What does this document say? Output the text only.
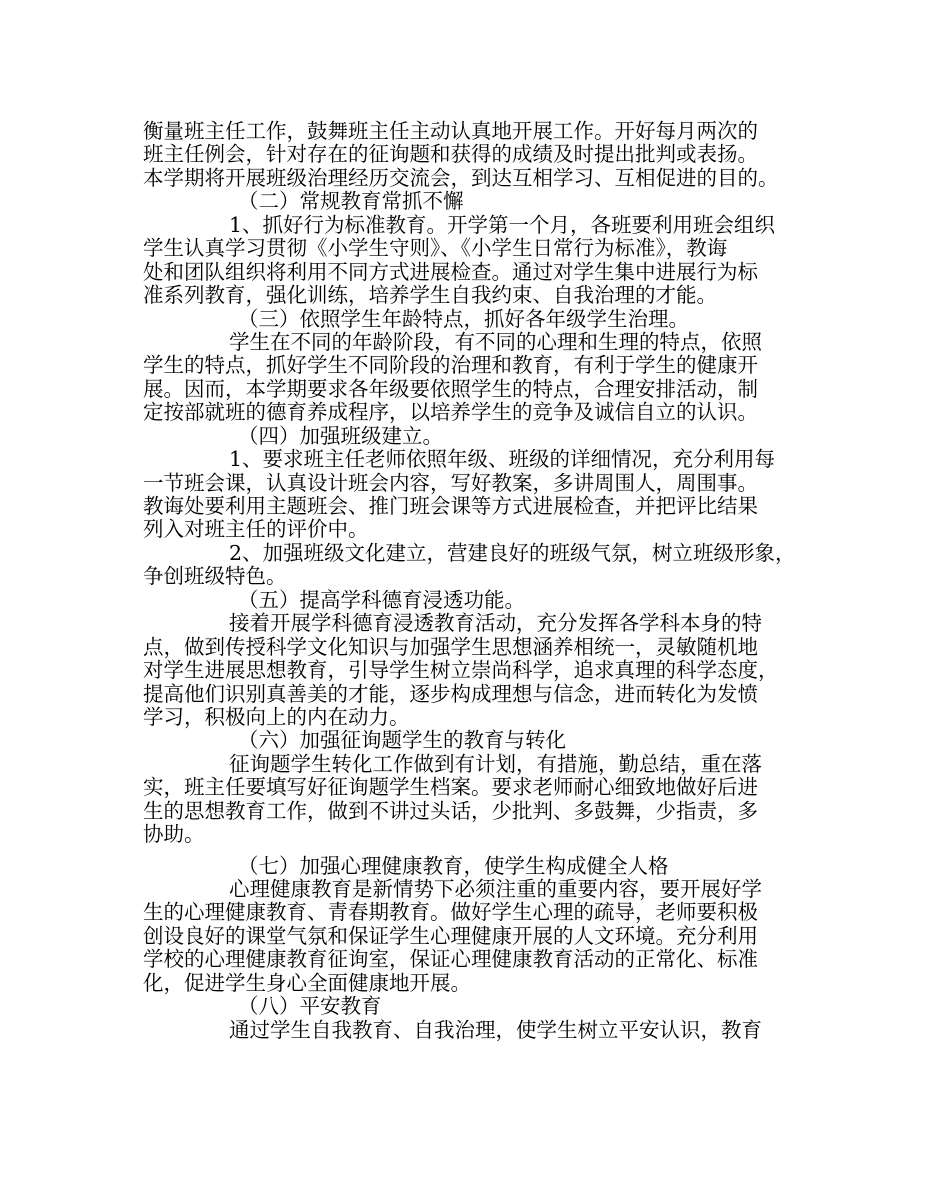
衡量班主任工作，鼓舞班主任主动认真地开展工作。开好每月两次的
班主任例会，针对存在的征询题和获得的成绩及时提出批判或表扬。
本学期将开展班级治理经历交流会，到达互相学习、互相促进的目的。
（二）常规教育常抓不懈
1、抓好行为标准教育。开学第一个月，各班要利用班会组织
学生认真学习贯彻《小学生守则》、《小学生日常行为标准》，教诲
处和团队组织将利用不同方式进展检查。通过对学生集中进展行为标
准系列教育，强化训练，培养学生自我约束、自我治理的才能。
（三）依照学生年龄特点，抓好各年级学生治理。
学生在不同的年龄阶段，有不同的心理和生理的特点，依照
学生的特点，抓好学生不同阶段的治理和教育，有利于学生的健康开
展。因而，本学期要求各年级要依照学生的特点，合理安排活动，制
定按部就班的德育养成程序，以培养学生的竞争及诚信自立的认识。
（四）加强班级建立。
1、要求班主任老师依照年级、班级的详细情况，充分利用每
一节班会课，认真设计班会内容，写好教案，多讲周围人，周围事。
教诲处要利用主题班会、推门班会课等方式进展检查，并把评比结果
列入对班主任的评价中。
2、加强班级文化建立，营建良好的班级气氛，树立班级形象，
争创班级特色。
（五）提高学科德育浸透功能。
接着开展学科德育浸透教育活动，充分发挥各学科本身的特
点，做到传授科学文化知识与加强学生思想涵养相统一，灵敏随机地
对学生进展思想教育，引导学生树立崇尚科学，追求真理的科学态度，
提高他们识别真善美的才能，逐步构成理想与信念，进而转化为发愤
学习，积极向上的内在动力。
（六）加强征询题学生的教育与转化
征询题学生转化工作做到有计划，有措施，勤总结，重在落
实，班主任要填写好征询题学生档案。要求老师耐心细致地做好后进
生的思想教育工作，做到不讲过头话，少批判、多鼓舞，少指责，多
协助。
（七）加强心理健康教育，使学生构成健全人格
心理健康教育是新情势下必须注重的重要内容，要开展好学
生的心理健康教育、青春期教育。做好学生心理的疏导，老师要积极
创设良好的课堂气氛和保证学生心理健康开展的人文环境。充分利用
学校的心理健康教育征询室，保证心理健康教育活动的正常化、标准
化，促进学生身心全面健康地开展。
（八）平安教育
通过学生自我教育、自我治理，使学生树立平安认识，教育
